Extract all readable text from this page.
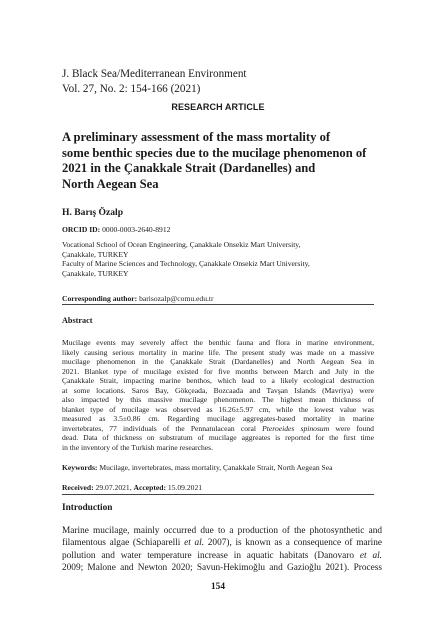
J. Black Sea/Mediterranean Environment
Vol. 27, No. 2: 154-166 (2021)
RESEARCH ARTICLE
A preliminary assessment of the mass mortality of
some benthic species due to the mucilage phenomenon of
2021 in the Çanakkale Strait (Dardanelles) and
North Aegean Sea
H. Barış Özalp
ORCID ID: 0000-0003-2640-8912
Vocational School of Ocean Engineering, Çanakkale Onsekiz Mart University,
Çanakkale, TURKEY
Faculty of Marine Sciences and Technology, Çanakkale Onsekiz Mart University,
Çanakkale, TURKEY
Corresponding author: barisozalp@comu.edu.tr
Abstract
Mucilage events may severely affect the benthic fauna and flora in marine environment,
likely causing serious mortality in marine life. The present study was made on a massive
mucilage phenomenon in the Çanakkale Strait (Dardanelles) and North Aegean Sea in
2021. Blanket type of mucilage existed for five months between March and July in the
Çanakkale Strait, impacting marine benthos, which lead to a likely ecological destruction
at some locations. Saros Bay, Gökçeada, Bozcaada and Tavşan Islands (Mavriya) were
also impacted by this massive mucilage phenomenon. The highest mean thickness of
blanket type of mucilage was observed as 16.26±5.97 cm, while the lowest value was
measured as 3.5±0.86 cm. Regarding mucilage aggregates-based mortality in marine
invertebrates, 77 individuals of the Pennatulacean coral Pteroeides spinosum were found
dead. Data of thickness on substratum of mucilage aggreates is reported for the first time
in the inventory of the Turkish marine researches.
Keywords: Mucilage, invertebrates, mass mortality, Çanakkale Strait, North Aegean Sea
Received: 29.07.2021, Accepted: 15.09.2021
Introduction
Marine mucilage, mainly occurred due to a production of the photosynthetic and
filamentous algae (Schiaparelli et al. 2007), is known as a consequence of marine
pollution and water temperature increase in aquatic habitats (Danovaro et al.
2009; Malone and Newton 2020; Savun-Hekimoğlu and Gazioğlu 2021). Process
154
